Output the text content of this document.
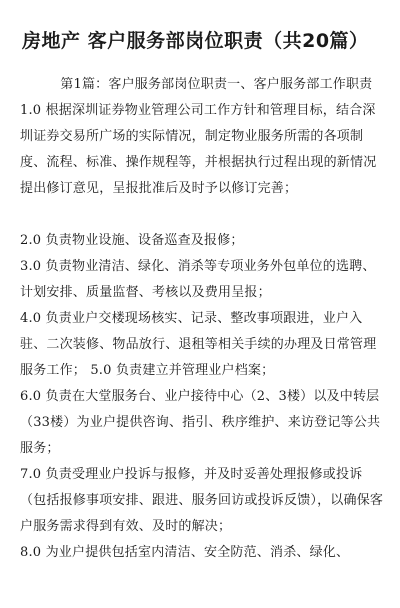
房地产 客户服务部岗位职责（共20篇）

第1篇：客户服务部岗位职责一、客户服务部工作职责

1.0 根据深圳证券物业管理公司工作方针和管理目标，结合深圳证券交易所广场的实际情况，制定物业服务所需的各项制度、流程、标准、操作规程等，并根据执行过程出现的新情况提出修订意见，呈报批准后及时予以修订完善；

2.0 负责物业设施、设备巡查及报修；

3.0 负责物业清洁、绿化、消杀等专项业务外包单位的选聘、计划安排、质量监督、考核以及费用呈报；

4.0 负责业户交楼现场核实、记录、整改事项跟进，业户入驻、二次装修、物品放行、退租等相关手续的办理及日常管理服务工作； 5.0 负责建立并管理业户档案；

6.0 负责在大堂服务台、业户接待中心（2、3楼）以及中转层（33楼）为业户提供咨询、指引、秩序维护、来访登记等公共服务；

7.0 负责受理业户投诉与报修，并及时妥善处理报修或投诉（包括报修事项安排、跟进、服务回访或投诉反馈），以确保客户服务需求得到有效、及时的解决；

8.0 为业户提供包括室内清洁、安全防范、消杀、绿化、
